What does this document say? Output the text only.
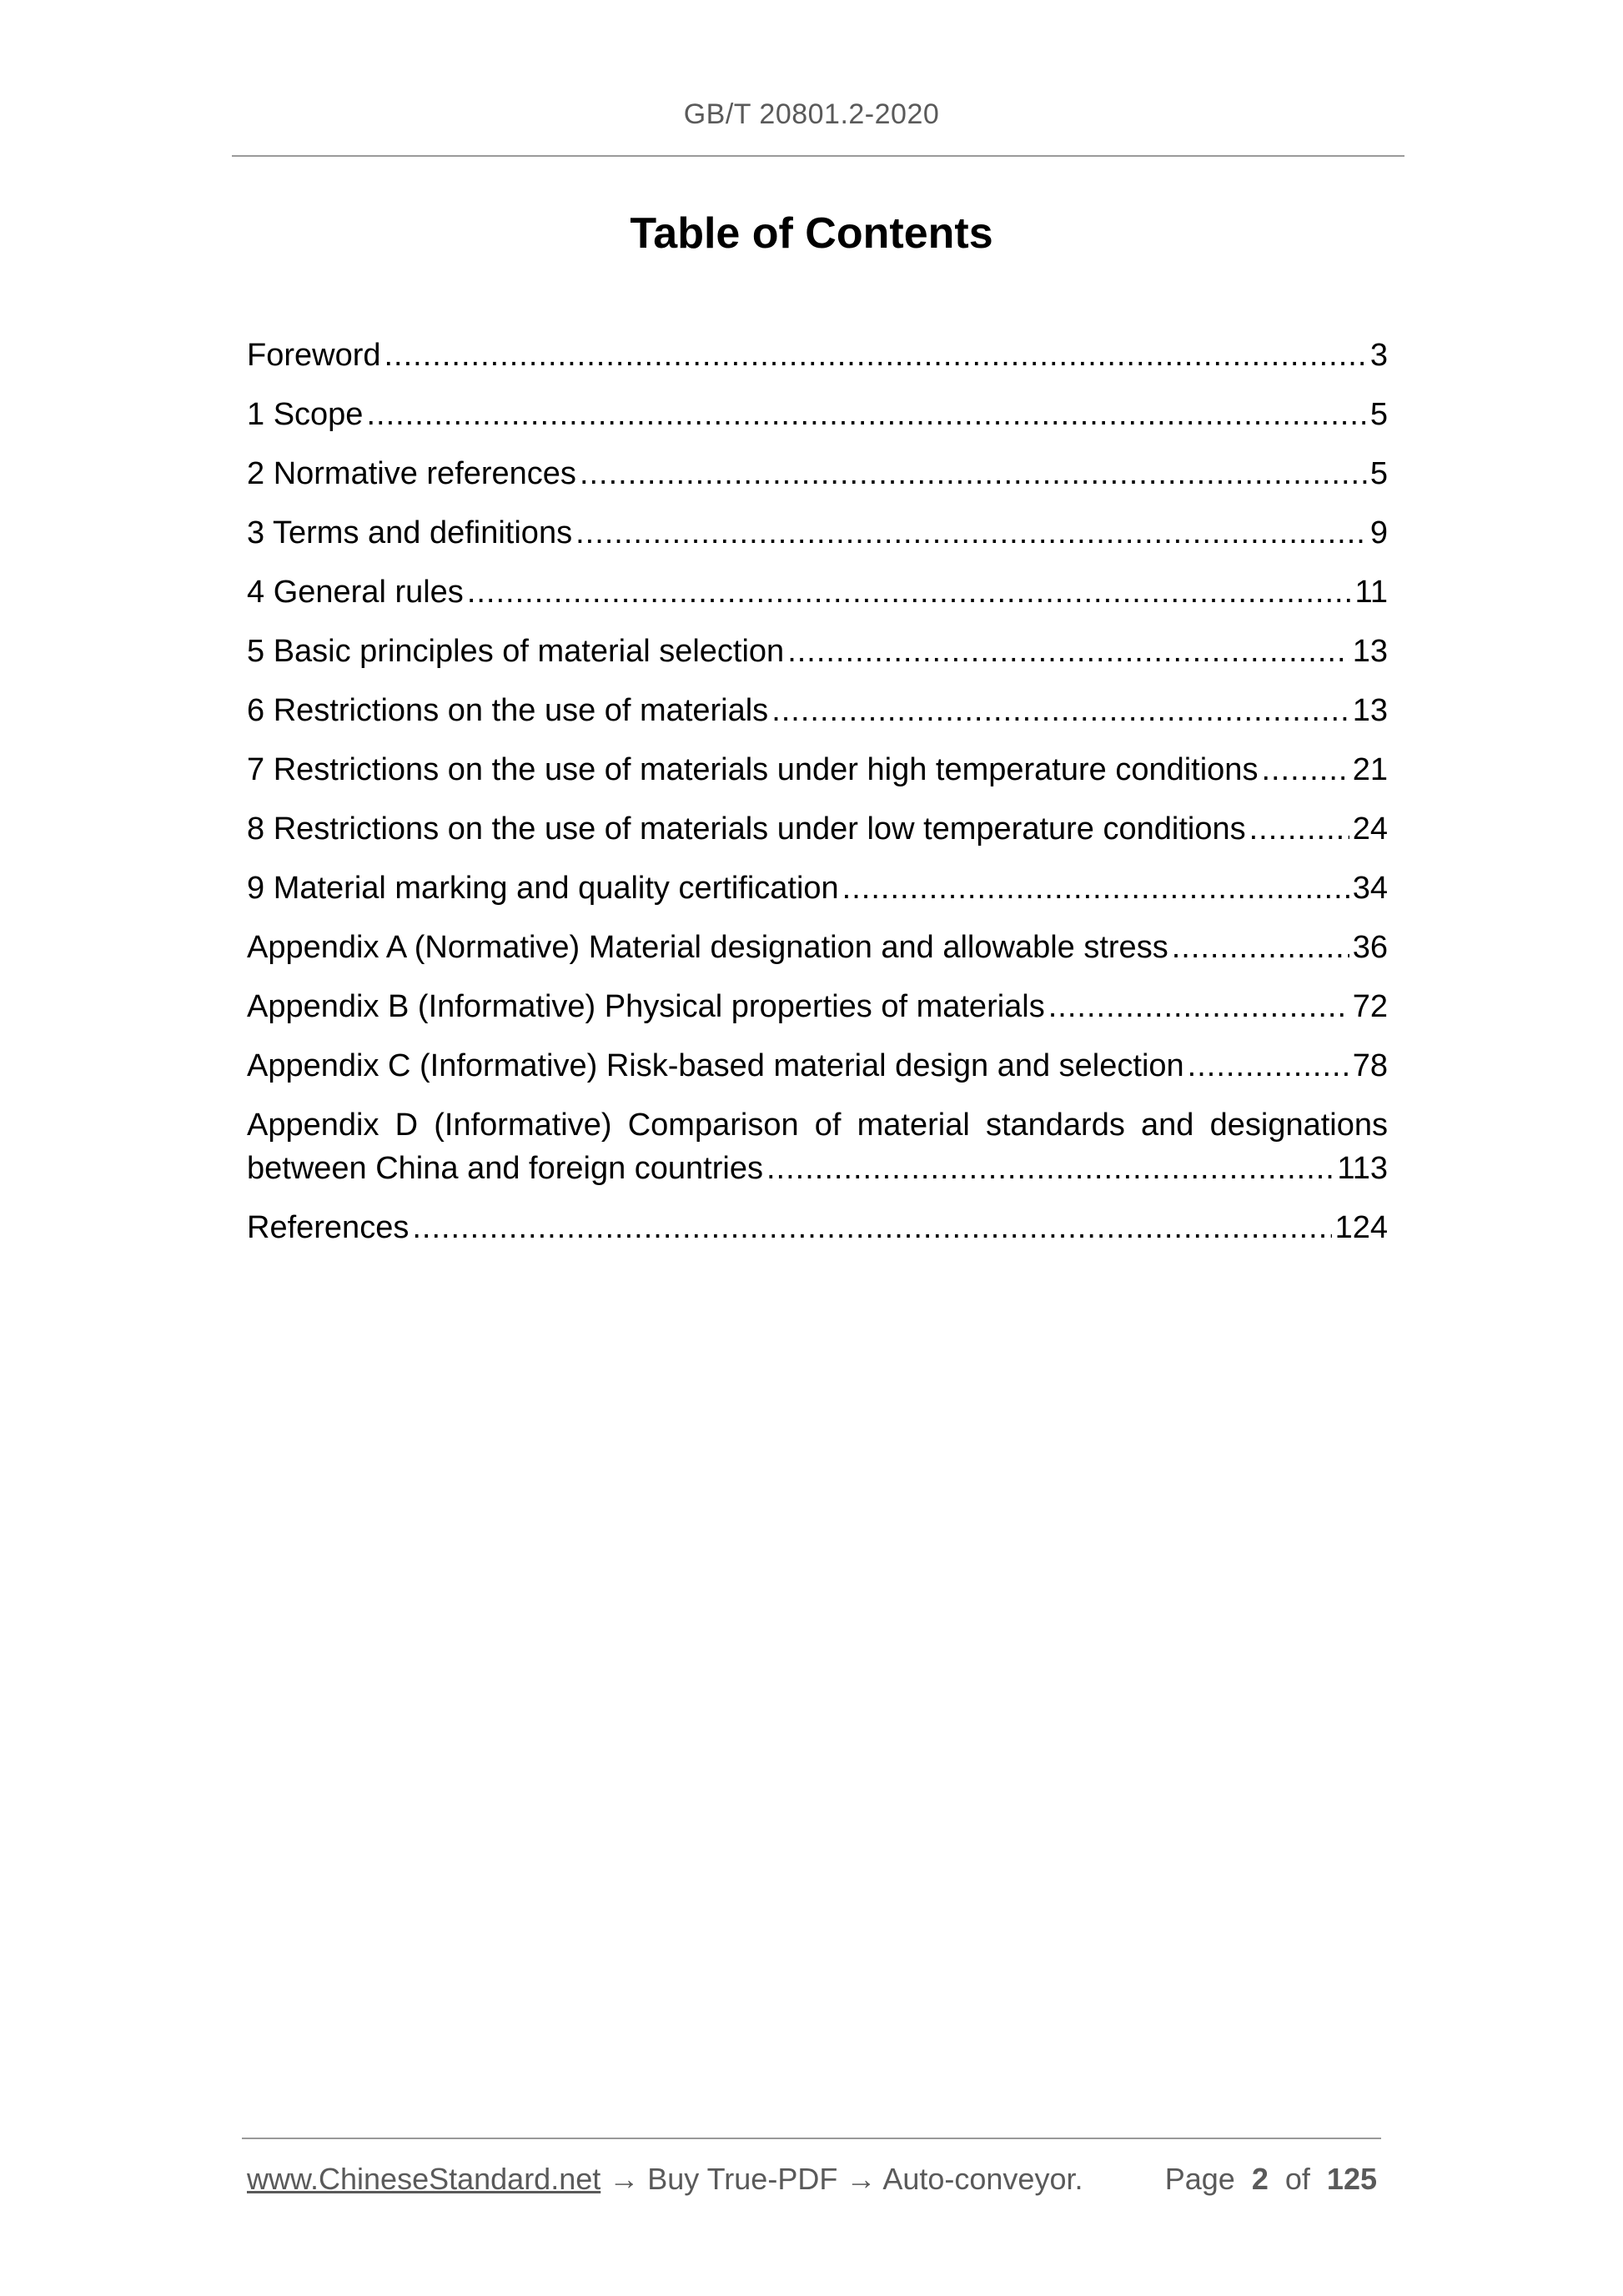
GB/T 20801.2-2020
Table of Contents
Foreword .....	3
1 Scope .....	5
2 Normative references .....	5
3 Terms and definitions .....	9
4 General rules .....	11
5 Basic principles of material selection .....	13
6 Restrictions on the use of materials .....	13
7 Restrictions on the use of materials under high temperature conditions .....	21
8 Restrictions on the use of materials under low temperature conditions .....	24
9 Material marking and quality certification .....	34
Appendix A (Normative) Material designation and allowable stress .....	36
Appendix B (Informative) Physical properties of materials .....	72
Appendix C (Informative) Risk-based material design and selection .....	78
Appendix D (Informative) Comparison of material standards and designations
between China and foreign countries .....	113
References .....	124
www.ChineseStandard.net → Buy True-PDF → Auto-conveyor.	Page 2 of 125
